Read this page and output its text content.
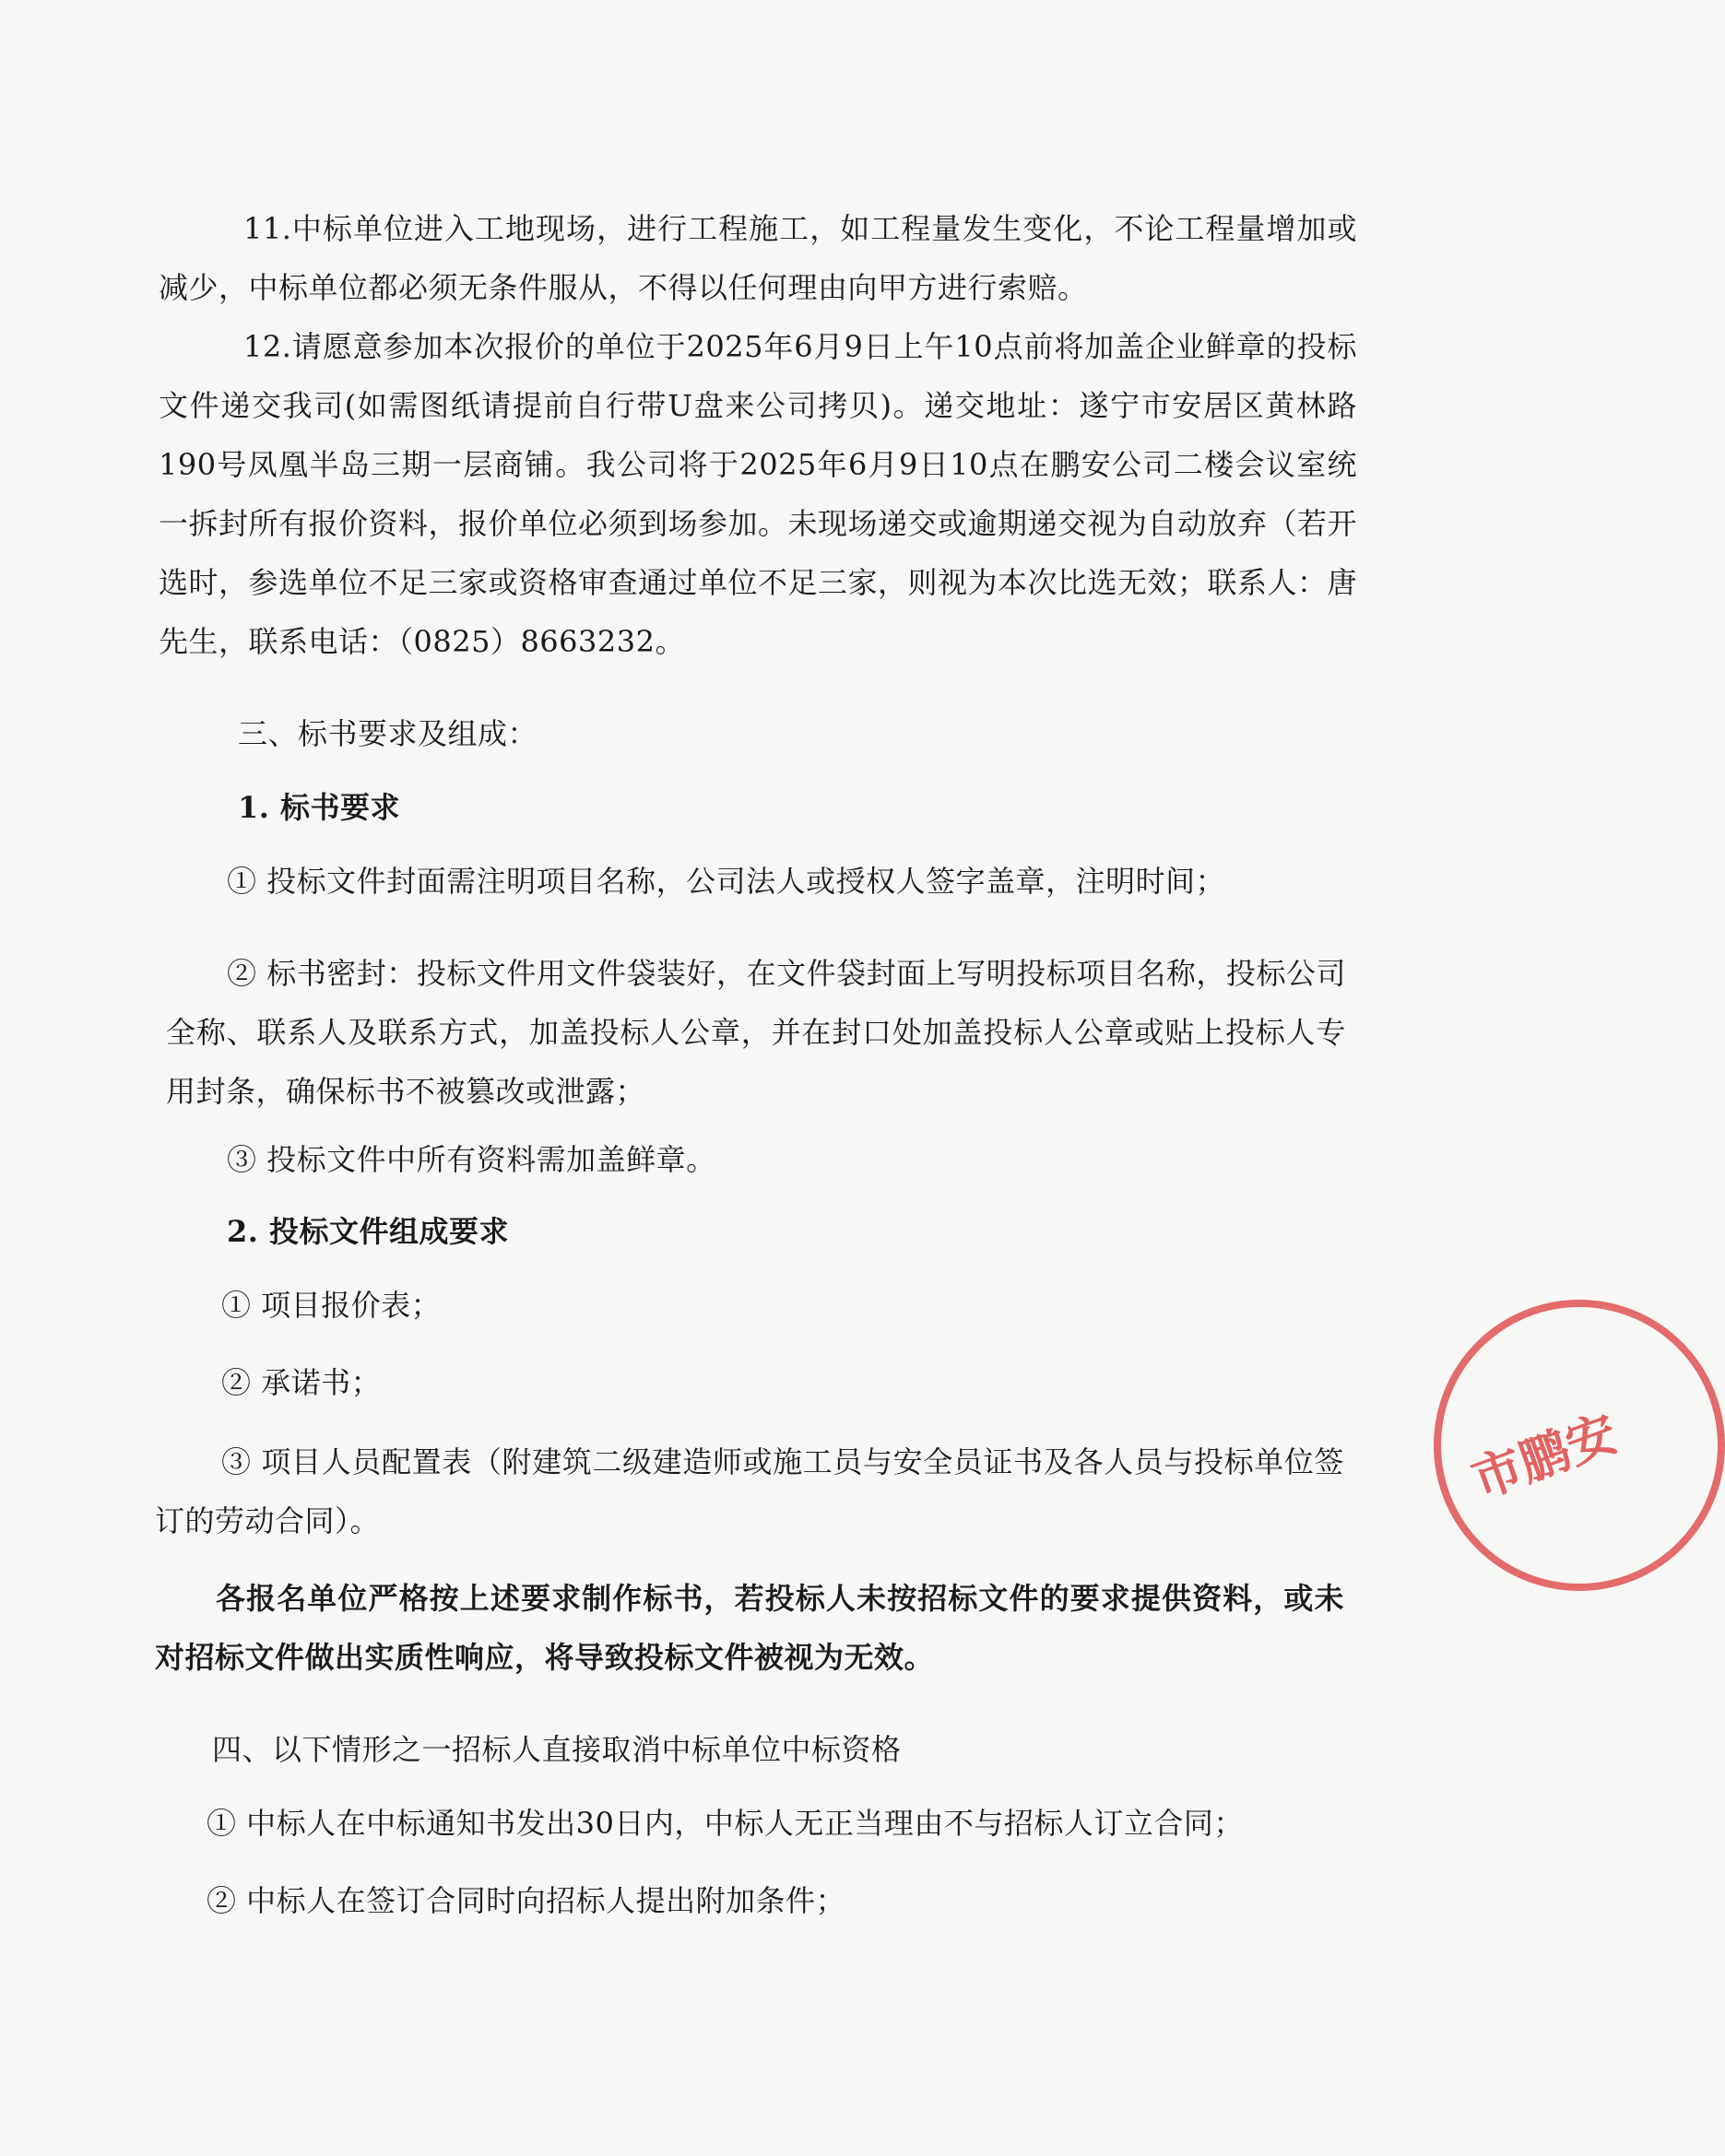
11.中标单位进入工地现场，进行工程施工，如工程量发生变化，不论工程量增加或减少，中标单位都必须无条件服从，不得以任何理由向甲方进行索赔。

12.请愿意参加本次报价的单位于2025年6月9日上午10点前将加盖企业鲜章的投标文件递交我司(如需图纸请提前自行带U盘来公司拷贝)。递交地址：遂宁市安居区黄林路190号凤凰半岛三期一层商铺。我公司将于2025年6月9日10点在鹏安公司二楼会议室统一拆封所有报价资料，报价单位必须到场参加。未现场递交或逾期递交视为自动放弃（若开选时，参选单位不足三家或资格审查通过单位不足三家，则视为本次比选无效；联系人：唐先生，联系电话：（0825）8663232。

三、标书要求及组成：

1. 标书要求

① 投标文件封面需注明项目名称，公司法人或授权人签字盖章，注明时间；

② 标书密封：投标文件用文件袋装好，在文件袋封面上写明投标项目名称，投标公司全称、联系人及联系方式，加盖投标人公章，并在封口处加盖投标人公章或贴上投标人专用封条，确保标书不被篡改或泄露；

③ 投标文件中所有资料需加盖鲜章。

2. 投标文件组成要求

① 项目报价表；

② 承诺书；

③ 项目人员配置表（附建筑二级建造师或施工员与安全员证书及各人员与投标单位签订的劳动合同）。

各报名单位严格按上述要求制作标书，若投标人未按招标文件的要求提供资料，或未对招标文件做出实质性响应，将导致投标文件被视为无效。

四、以下情形之一招标人直接取消中标单位中标资格

① 中标人在中标通知书发出30日内，中标人无正当理由不与招标人订立合同；

② 中标人在签订合同时向招标人提出附加条件；

市鹏安
